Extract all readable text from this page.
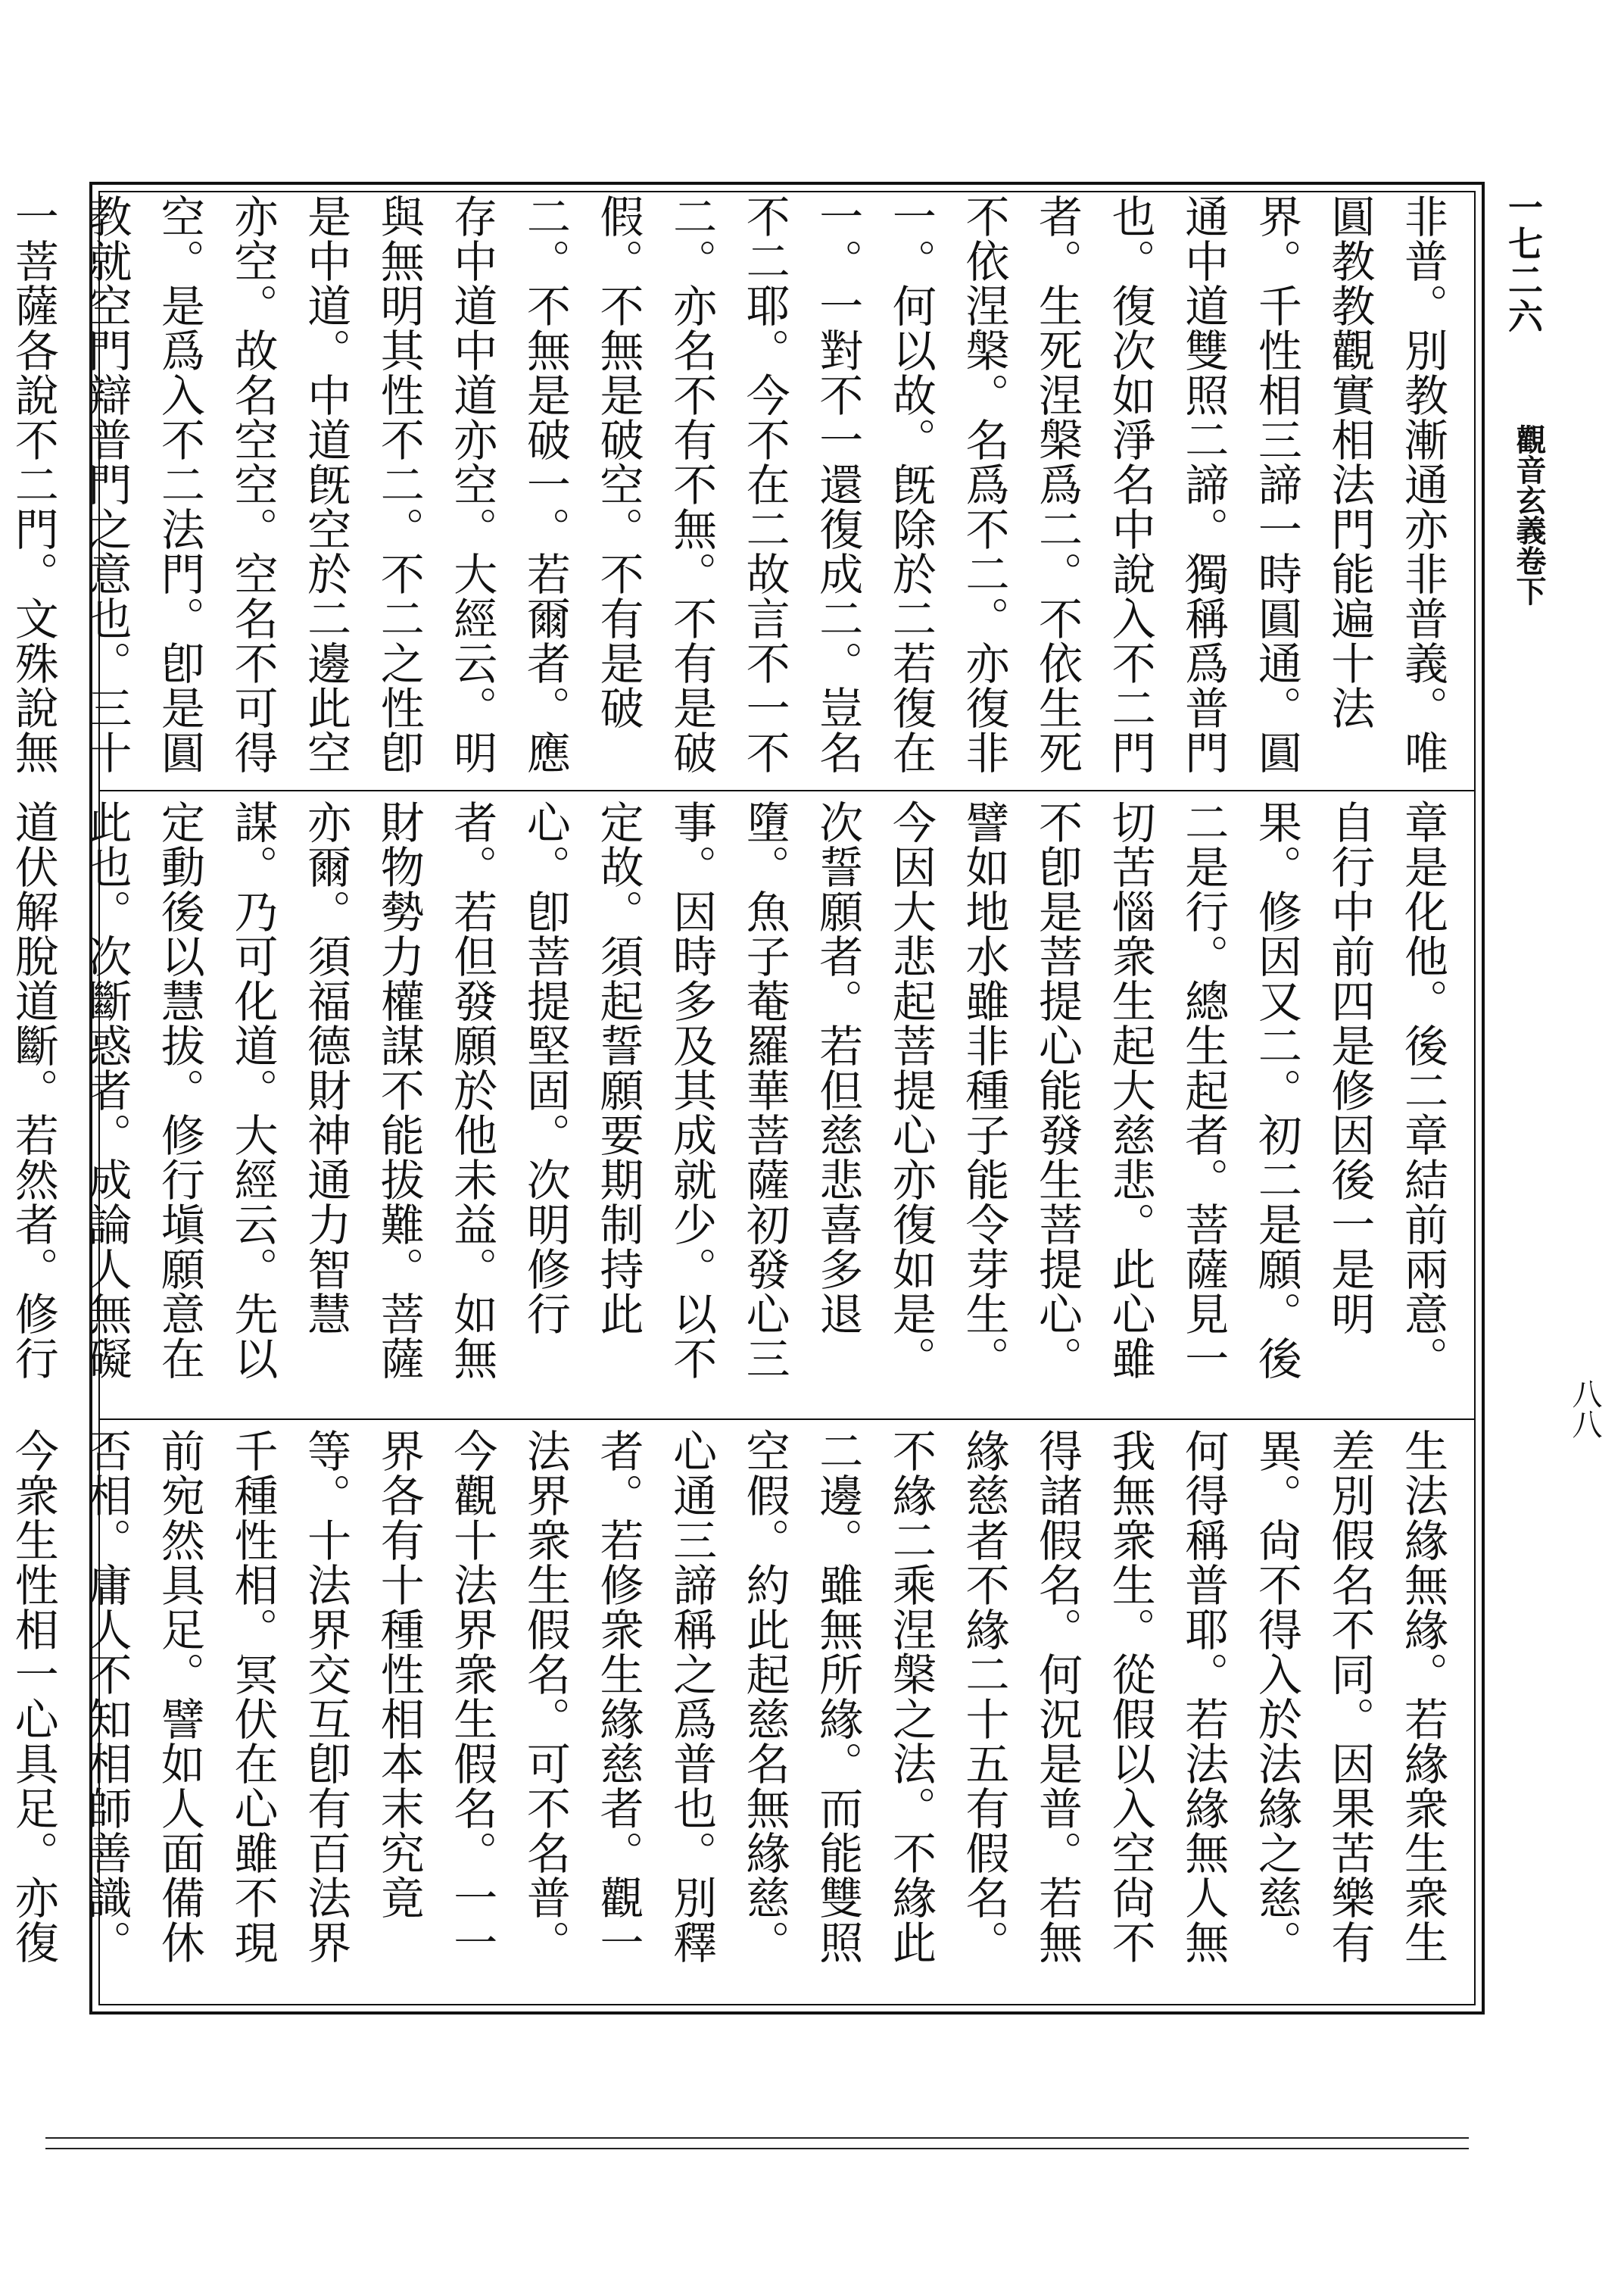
一七二六
觀音玄義卷下
八八
非普。別教漸通亦非普義。唯圓教教觀實相法門能遍十法界。千性相三諦一時圓通。圓通中道雙照二諦。獨稱爲普門也。復次如淨名中說入不二門者。生死涅槃爲二。不依生死不依涅槃。名爲不二。亦復非一。何以故。旣除於二若復在一。一對不一還復成二。豈名不二耶。今不在二故言不一不二。亦名不有不無。不有是破假。不無是破空。不有是破二。不無是破一。若爾者。應存中道中道亦空。大經云。明與無明其性不二。不二之性卽是中道。中道旣空於二邊此空亦空。故名空空。空名不可得空。是爲入不二法門。卽是圓教就空門辯普門之意也。三十一菩薩各說不二門。文殊說無
章是化他。後二章結前兩意。自行中前四是修因後一是明果。修因又二。初二是願。後二是行。總生起者。菩薩見一切苦惱衆生起大慈悲。此心雖不卽是菩提心能發生菩提心。譬如地水雖非種子能令芽生。今因大悲起菩提心亦復如是。次誓願者。若但慈悲喜多退墮。魚子菴羅華菩薩初發心三事。因時多及其成就少。以不定故。須起誓願要期制持此心。卽菩提堅固。次明修行者。若但發願於他未益。如無財物勢力權謀不能拔難。菩薩亦爾。須福德財神通力智慧謀。乃可化道。大經云。先以定動後以慧拔。修行塡願意在此也。次斷惑者。成論人無礙道伏解脫道斷。若然者。修行
生法緣無緣。若緣衆生衆生差別假名不同。因果苦樂有異。尙不得入於法緣之慈。何得稱普耶。若法緣無人無我無衆生。從假以入空尙不得諸假名。何況是普。若無緣慈者不緣二十五有假名。不緣二乘涅槃之法。不緣此二邊。雖無所緣。而能雙照空假。約此起慈名無緣慈。心通三諦稱之爲普也。別釋者。若修衆生緣慈者。觀一法界衆生假名。可不名普。今觀十法界衆生假名。一一界各有十種性相本末究竟等。十法界交互卽有百法界千種性相。冥伏在心雖不現前宛然具足。譬如人面備休否相。庸人不知相師善識。今衆生性相一心具足。亦復
